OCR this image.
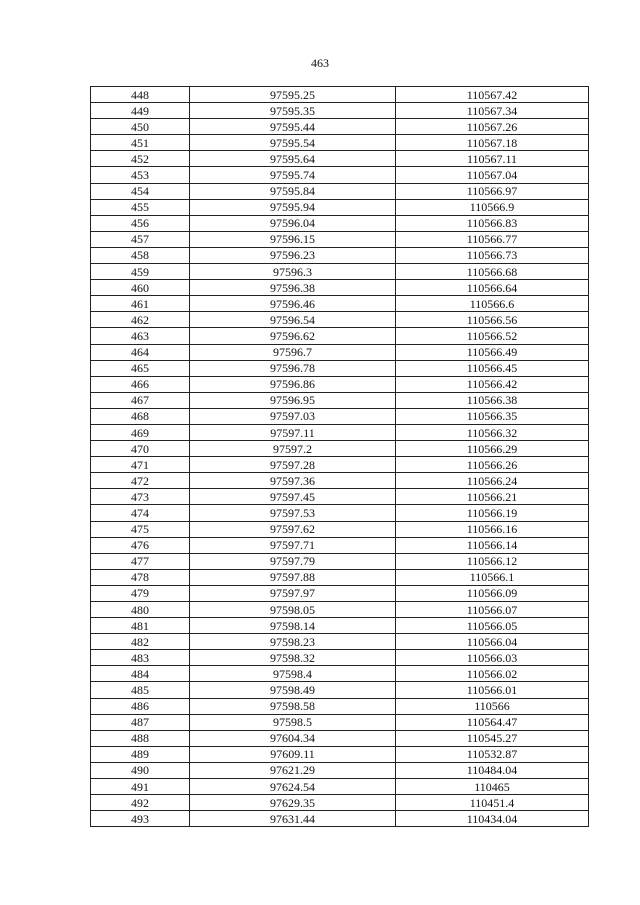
463
448	97595.25	110567.42
449	97595.35	110567.34
450	97595.44	110567.26
451	97595.54	110567.18
452	97595.64	110567.11
453	97595.74	110567.04
454	97595.84	110566.97
455	97595.94	110566.9
456	97596.04	110566.83
457	97596.15	110566.77
458	97596.23	110566.73
459	97596.3	110566.68
460	97596.38	110566.64
461	97596.46	110566.6
462	97596.54	110566.56
463	97596.62	110566.52
464	97596.7	110566.49
465	97596.78	110566.45
466	97596.86	110566.42
467	97596.95	110566.38
468	97597.03	110566.35
469	97597.11	110566.32
470	97597.2	110566.29
471	97597.28	110566.26
472	97597.36	110566.24
473	97597.45	110566.21
474	97597.53	110566.19
475	97597.62	110566.16
476	97597.71	110566.14
477	97597.79	110566.12
478	97597.88	110566.1
479	97597.97	110566.09
480	97598.05	110566.07
481	97598.14	110566.05
482	97598.23	110566.04
483	97598.32	110566.03
484	97598.4	110566.02
485	97598.49	110566.01
486	97598.58	110566
487	97598.5	110564.47
488	97604.34	110545.27
489	97609.11	110532.87
490	97621.29	110484.04
491	97624.54	110465
492	97629.35	110451.4
493	97631.44	110434.04
